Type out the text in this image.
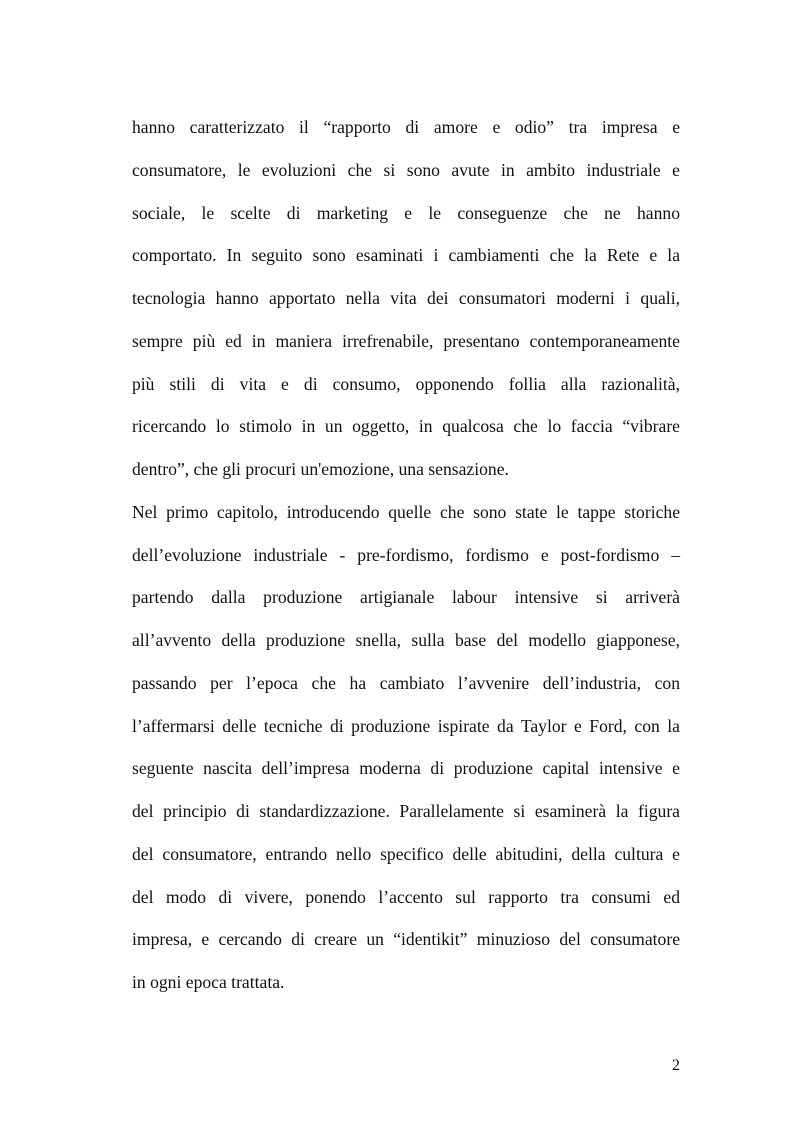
hanno caratterizzato il “rapporto di amore e odio” tra impresa e
consumatore, le evoluzioni che si sono avute in ambito industriale e
sociale, le scelte di marketing e le conseguenze che ne hanno
comportato. In seguito sono esaminati i cambiamenti che la Rete e la
tecnologia hanno apportato nella vita dei consumatori moderni i quali,
sempre più ed in maniera irrefrenabile, presentano contemporaneamente
più stili di vita e di consumo, opponendo follia alla razionalità,
ricercando lo stimolo in un oggetto, in qualcosa che lo faccia “vibrare
dentro”, che gli procuri un'emozione, una sensazione.
Nel primo capitolo, introducendo quelle che sono state le tappe storiche
dell’evoluzione industriale - pre-fordismo, fordismo e post-fordismo –
partendo dalla produzione artigianale labour intensive si arriverà
all’avvento della produzione snella, sulla base del modello giapponese,
passando per l’epoca che ha cambiato l’avvenire dell’industria, con
l’affermarsi delle tecniche di produzione ispirate da Taylor e Ford, con la
seguente nascita dell’impresa moderna di produzione capital intensive e
del principio di standardizzazione. Parallelamente si esaminerà la figura
del consumatore, entrando nello specifico delle abitudini, della cultura e
del modo di vivere, ponendo l’accento sul rapporto tra consumi ed
impresa, e cercando di creare un “identikit” minuzioso del consumatore
in ogni epoca trattata.
2
